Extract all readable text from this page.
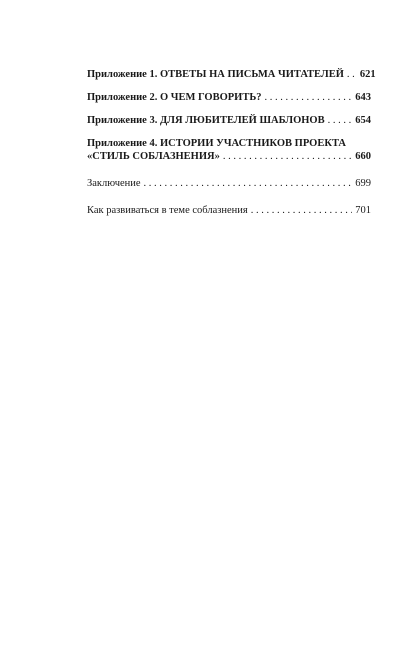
Приложение 1. ОТВЕТЫ НА ПИСЬМА ЧИТАТЕЛЕЙ . . . 621
Приложение 2. О ЧЕМ ГОВОРИТЬ? . . .	643
Приложение 3. ДЛЯ ЛЮБИТЕЛЕЙ ШАБЛОНОВ . . .	654
Приложение 4. ИСТОРИИ УЧАСТНИКОВ ПРОЕКТА
«СТИЛЬ СОБЛАЗНЕНИЯ» . . .	660
Заключение . . .	699
Как развиваться в теме соблазнения . . .	701
